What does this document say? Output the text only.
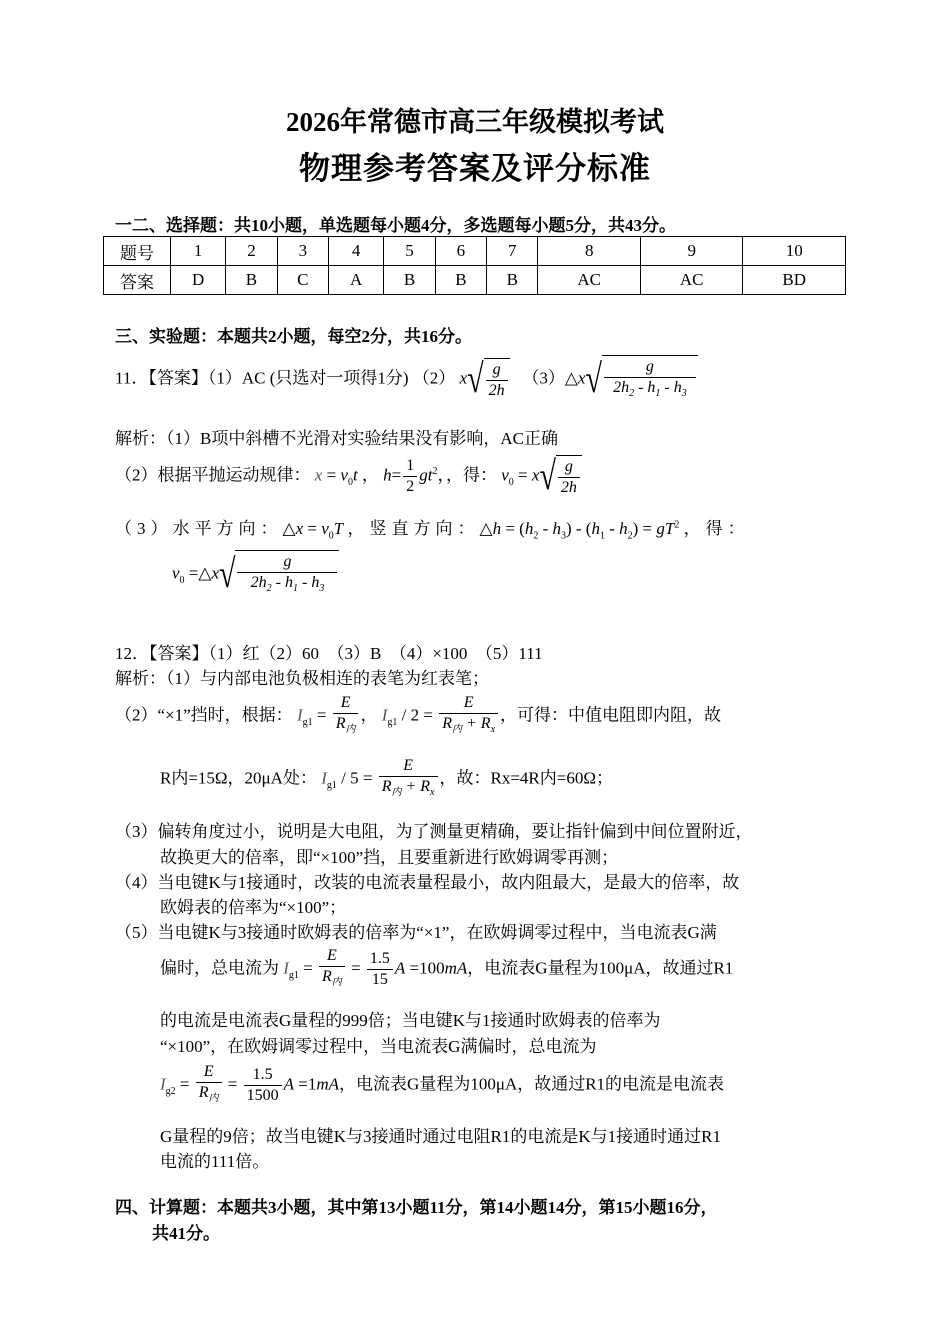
2026年常德市高三年级模拟考试
物理参考答案及评分标准
一二、选择题：共10小题，单选题每小题4分，多选题每小题5分，共43分。
题号	1	2	3	4	5	6	7	8	9	10
答案	D	B	C	A	B	B	B	AC	AC	BD
三、实验题：本题共2小题，每空2分，共16分。
11．【答案】（1）AC (只选对一项得1分) （2） $x√ \frac{g}{2h}$ （3）△x√ $\frac{g}{2h_2 - h_1 - h_3}$
解析：（1）B项中斜槽不光滑对实验结果没有影响，AC正确
（2）根据平抛运动规律： $x = v_0t$ ， $h= \frac{1}{2} gt^2$，，得： $v_0 = x√ \frac{g}{2h}$
（3）水平方向：△x = $v_0T$ ，竖直方向：△h = $(h_2 - h_3) - (h_1 - h_2) = gT^2$ ，得：
$v_0$ =△x√ $\frac{g}{2h_2 - h_1 - h_3}$
12．【答案】（1）红（2）60　（3）B　（4）×100　（5）111
解析：（1）与内部电池负极相连的表笔为红表笔；
（2）“×1”挡时，根据： $I_{g1} = \frac{E}{R_内}$ ， $I_{g1} / 2 = \frac{E}{R_内 + R_x}$ ，可得：中值电阻即内阻，故
R内=15Ω，20μA处： $I_{g1} / 5 = \frac{E}{R_内 + R_x}$ ，故：Rx=4R内=60Ω；
（3）偏转角度过小，说明是大电阻，为了测量更精确，要让指针偏到中间位置附近，
故换更大的倍率，即“×100”挡，且要重新进行欧姆调零再测；
（4）当电键K与1接通时，改装的电流表量程最小，故内阻最大，是最大的倍率，故
欧姆表的倍率为“×100”；
（5）当电键K与3接通时欧姆表的倍率为“×1”，在欧姆调零过程中，当电流表G满
偏时，总电流为 $I_{g1} = \frac{E}{R_内} = \frac{1.5}{15}$ A =100mA，电流表G量程为100μA，故通过R1
的电流是电流表G量程的999倍；当电键K与1接通时欧姆表的倍率为
“×100”，在欧姆调零过程中，当电流表G满偏时，总电流为
$I_{g2} = \frac{E}{R_内} = \frac{1.5}{1500}$ A =1mA，电流表G量程为100μA，故通过R1的电流是电流表
G量程的9倍；故当电键K与3接通时通过电阻R1的电流是K与1接通时通过R1
电流的111倍。
四、计算题：本题共3小题，其中第13小题11分，第14小题14分，第15小题16分，
共41分。
